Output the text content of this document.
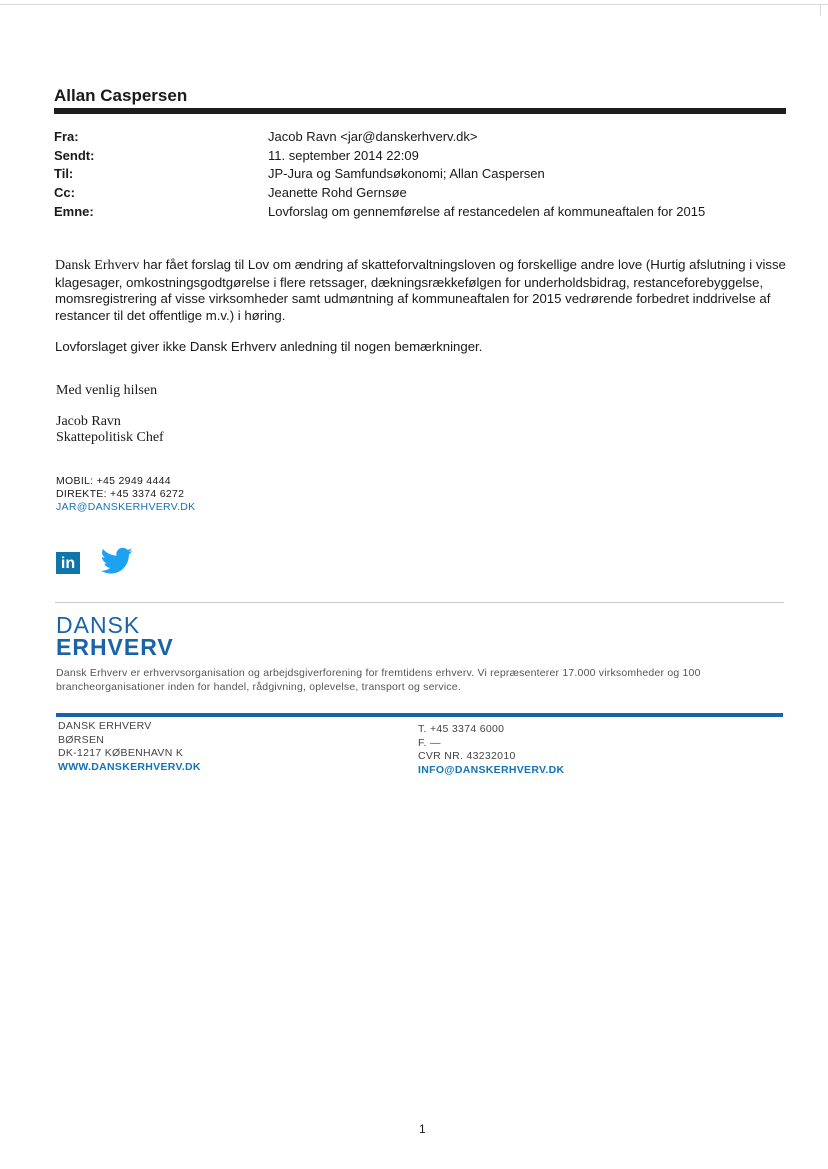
Allan Caspersen
Fra:	Jacob Ravn <jar@danskerhverv.dk>
Sendt:	11. september 2014 22:09
Til:	JP-Jura og Samfundsøkonomi; Allan Caspersen
Cc:	Jeanette Rohd Gernsøe
Emne:	Lovforslag om gennemførelse af restancedelen af kommuneaftalen for 2015
Dansk Erhverv har fået forslag til Lov om ændring af skatteforvaltningsloven og forskellige andre love (Hurtig afslutning i visse klagesager, omkostningsgodtgørelse i flere retssager, dækningsrækkefølgen for underholdsbidrag, restanceforebyggelse, momsregistrering af visse virksomheder samt udmøntning af kommuneaftalen for 2015 vedrørende forbedret inddrivelse af restancer til det offentlige m.v.) i høring.
Lovforslaget giver ikke Dansk Erhverv anledning til nogen bemærkninger.
Med venlig hilsen
Jacob Ravn
Skattepolitisk Chef
MOBIL: +45 2949 4444
DIREKTE: +45 3374 6272
JAR@DANSKERHVERV.DK
in
DANSK
ERHVERV
Dansk Erhverv er erhvervsorganisation og arbejdsgiverforening for fremtidens erhverv. Vi repræsenterer 17.000 virksomheder og 100 brancheorganisationer inden for handel, rådgivning, oplevelse, transport og service.
DANSK ERHVERV
BØRSEN
DK-1217 KØBENHAVN K
WWW.DANSKERHVERV.DK
T. +45 3374 6000
F. —
CVR NR. 43232010
INFO@DANSKERHVERV.DK
1
